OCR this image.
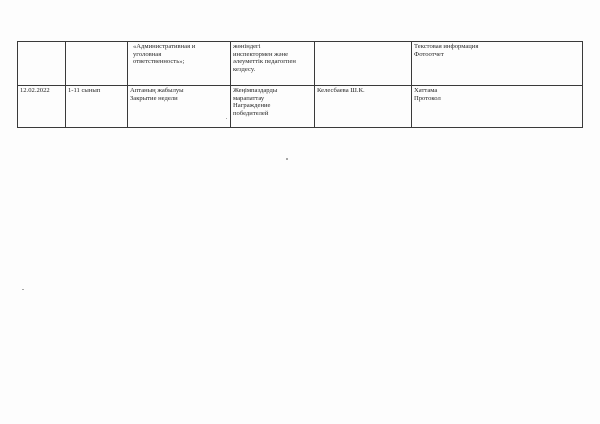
		«Административная и
уголовная
ответственность»;	жөніндегі
инспектормен және
әлеуметтік педагогпен
кездесу.		Текстовая информация
Фотоотчет

12.02.2022	1-11 сынып	Аптаның жабылуы
Закрытие недели	Жеңімпаздарды
марапаттау
Награждение
победителей	Келесбаева Ш.К.	Хаттама
Протокол
